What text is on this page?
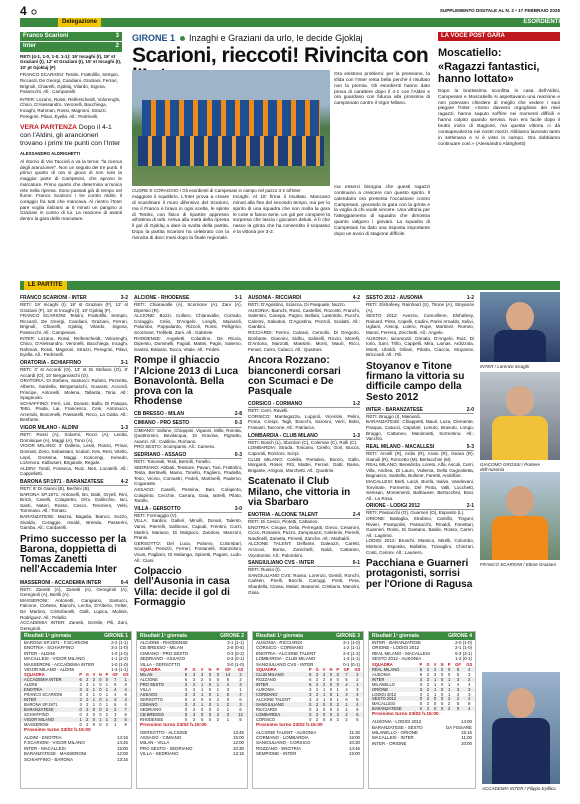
4	SUPPLEMENTO DIGITALE AL N. 2 • 17 FEBBRAIO 2025
Delegazione	ESORDIENTI
Franco Scarioni	3
Inter	2
RETI (4-1, 1-0, 1-0, 1-1): 19' Incaghi (I), 18' st Graziani (I), 12' st Graziani (I), 15' st Incaghi (I), 10' pt Gjoklaj (F)
FRANCO SCARIONI: Testini, Frattolillo, Sempio, Riccardi, De Georgi, Candiani, Graziani, Ferrari, Brignoli, Chiarelli, Gjoklaj, Vilardo, Sigona, Passecchi. All.: Campanelli.
INTER: Lozano, Rossi, Reiferscheidt, Volorenghi, Chico, D'Alessandro, Veronelli, Bacchiega, Incaghi, Rahman, Rossi, Magnoni, Strazzi, Peregrini, Pilavi, Eyella. All.: Pedrinelli.
VERA PARTENZA Dopo il 4-1 con l'Aldini, gli arancioneri trovano i primi tre punti con l'Inter
ALESSANDRO ALDRIGHETTI
Al ritorno di Via Taccioli a va la terna: "la ricerca degli arancioneri". Non un seguito dei tre punti. Il primo quarto di ora si gioca di non solo la maggior parte di Campesini, che aprono le marcature. Primo quarto che determina un'unica rete nella ripresa. Sono passati già di tempo nel fiume. Franco Scarioni: i tre contro Aldini, il coraggio fra tutti che mancava. Al rientro l'Inter pare voglia rialzarsi ai 5 minuti un parigino a Graziani in contro di lui. La reazione di avanti dentro la gara delle marcature.
GIRONE 1 Inzaghi e Graziani da urlo, le decide Gjoklaj
Scarioni, rieccoti! Rivincita con
CUORE E CORAGGIO / Gli esordienti di Campesani in campo nel pazzo 3-2 all'Inter
maggiore il equilibrio. L'Inter prova a creare di scardinare il muro difensivo del Scarioni, ma il Franco è bravo in ogni scelta, le spinte di Testini, con fisico di ripartire appresso all'ottima di tutti. Arriva alla metà della ripresa il gol di Gjoklaj a dare la svolta della partita. Dopo la partita Scarioni ha celebrato con la rivincita di dieci mesi dopo la finale regionale.
Incaghi. Al 18' firma il risultato. Mancano minuti alla fine del secondo tempo, ma per lo spirito di una squadra che non molla la gara le cose si fanno serie. Un gol per compiere la sorpresa che lascia i giocatori delusi, è lì che nasce la grinta che ha consentito il sorpasso e la vittoria per 3-2.
Ora esistono problemi: per la pressione, la sfida con l'Inter resta bella perché il risultato non la premia. Gli esordienti hanno dato prova di carattere dopo il 4-1 con l'Aldini e ora guardano con fiducia alla prossima di campionato contro il Vigor Milano.
ma esserci bisogna che questi ragazzi continuino a crescere con questo spirito. Il calendario ora presenta l'occasione contro Campesani, giocando la gara con la grinta e la voglia di chi vuole vincere. Una vittoria per l'atteggiamento di squadra che dimostra quanto valgono i giovani. La squadra di Campesani ha dato una risposta importante dopo un avvio di stagione difficile.
LA VOCE POST GARA
Moscatiello:
«Ragazzi fantastici, hanno lottato»
Dopo la bruttissima sconfitta in casa dell'Aldini, Campesani e Moscatiello si aspettavano una reazione e non potevano chiedere di meglio che vedere i suoi piegare l'Inter. «Sono davvero orgoglioso dei miei ragazzi, hanno saputo soffrire nei momenti difficili e hanno colpito quando serviva. Non era facile dopo il brutto inizio di stagione, ma questa vittoria ci dà consapevolezza nei nostri mezzi. Abbiamo lavorato tanto in settimana e si è visto in campo. Ora dobbiamo continuare così.» (Alessandro Aldrighetti)
LE PARTITE
FRANCO SCARIONI - INTER	3-2
RETI: 19' Incaghi (I), 18' st Graziani (F), 12' st Graziani (F), 15' st Incaghi (I), 10' Gjoklaj (F).
FRANCO SCARIONI: Testini, Frattolillo, Sempio, Riccardi, De Georgi, Candiani, Graziani, Ferrari, Brignoli, Chiarelli, Gjoklaj, Vilardo, Sigona, Passecchi. All.: Campesani.
INTER: Lozano, Rossi, Reiferscheidt, Volorenghi, Chico, D'Alessandro, Veronelli, Bacchiega, Incaghi, Rahman, Rossi, Magnoni, Strazzi, Peregrini, Pilavi, Eyella. All.: Pedrinelli.
ORATORIA - SCHIAFFINO	3-1
RETI: 3' st Accordi (O), 13' st Di Stefano (O), 8' Accardi (O), 10' Bergamaschi (O).
ORATORIA: Di Stefano, Santucci, Rubino, Pezzetta, Alberto, Sardella, Bergamaschi, Guarato, Accordi, Principe, Antonelli, Molena, Tallarita, Toria. All.: Spagnuolo.
SCHIAFFINO: Ferri, Lisi, Donato, Balla, Di Pasqua, Tetto, Prada, Lai, Francesco, Ceni, Antonucci, Arcendo, Bonomelli, Passarelli, Reco, La Gatta. All.: Benfante.
VIGOR MILANO - ALDINI	1-3
RETI: Rossi (A), Solarmi, Rocci (A), Leotta, Dominique (A), Maggi (A), Tonci (A).
VIGOR MILANO: 2' Dallera, Lessi, Rosso, Prinai, Donnati, Zeno, Sebastiani, Scalari, Kes, Resi, Vitello, Lepri, Grossina, Maggi, Koncengi, Kenedo, Lozenora. Kalbusert, Brigande, Regale.
ALDINI: Tondi, Fonseca, Ruiz, Neri, Locatelli. All.: Cappelletti.
BARONA SP.1971 - BARANZATESE	4-2
RETI: 8' Di Gianni (B), Bechini (B).
BARONA SP.1971: Antonelli, Bo, Batti, Gryell, Rini, Brizzi, Caselli, Colapietro, Orni, Gallicchio, Iaci, Santi, Nateri, Russo, Cesco, Tesoriero, Velsi, Tommaso. All.: Tomasi.
BARANZATESE: Mazza, Bagalia, Bianco, Sozzo, Sivaldo, Coraggio, Isnald, Breeda, Passerini, Gamba. All.: Cardarelli.
Primo successo per la Barona, doppietta di Tomas Zanetti nell'Accademia Inter
MASSERONI - ACCADEMIA INTER	0-4
RETI: Zanetti (A), Zanetti (A), Geregiroli (A), Geregiroli (A), Berilli (A).
MASSERONI: Antonetti, Cangiano, Santucci, Falcone, Cortese, Bianchi, Lecha, D'Alterio, Felter, De Martino, Cristofanelli, Galli, Lupica, Molinis, Rodriguez. All.: Pelullo.
ACCADEMIA INTER: Zanetti, Gentile, Pili, Zani, Geregiroli.
ALCIONE - RHODENSE	3-1
RETI: Chiaravalle (A), Scorrione (A), Zani (A), Dipersio (R).
ALCIONE: Bozzi, Cullaro, Chiaravalle, Corrado, Coraggio, Celio, D'Angelo, Longhi, Mainardi, Palumbo, Pappalardo, Rizzoli, Rossi, Pelligrino, Scorrione, Trefiletti, Zani. All.: Gabriele.
RHODENSE: Angeletti, Colantino, De Riccia, Dipersio, Dominelli, Fagioli, Mattei, Pagin, Salerno, Santini, Bisiasio, Tacca, Vitale. All.: Federi.
Rompe il ghiaccio l'Alcione 2013 di Luca Bonavolontà. Bella prova con la Rhodense
CB BRESSO - MILAN	2-8
CIMIANO - PRO SESTO	0-3
CIMIANO: Vallone, Chioppini, Vigaoni, Millo, Romita, Quattromini, Bevilacqua, Di Gravina, Pignatto, Avanzi. All.: Caldiniu, Romano.
PRO SESTO: Scomparini. All.: Camera.
SEDRIANO - ASSAGO	0-3
RETI: Tosoratti, Testi, Bertolli, Tonello.
SEDRIANO: Abbiati, Tessiore, Pavan, Tosi, Frattolini, Testa, Bertinelli, Maino, Tonello, Pagliero, Pradella, Toso, Vicino, Comastri, Fedeli, Martinelli, Paderno, Cogaraste.
ASSAGO: Caselli, Pessina, Bari, Colapinto, Colapinto, Cecchin, Carrara, Gaia, Iatrelli, Pilato, Tarallo.
VILLA - GERSOTTO	3-0
RETI: Formaggio (V).
VILLA: Sardini, Galleri, Minolli, Donati, Talento, Vanni, Pierrelli, Sallinoux, Capodi, Frentini, Curzi, Martini, Mariano, Di Molgioco, Zandoni, Manzoni, Pranni.
GERSOTTO: Del Luca, Palomo, Colombari, Scarselli, Perazzi, Ferrari, Fontanelli, Stanzoloni, Vicas, Pagliaro, Di Malanga, Spinetti, Pagani, Ludo. All.: Ciani.
Colpaccio dell'Ausonia in casa Villa: decide il gol di Formaggio
AUSONIA - RICCIARDI	4-2
RETI: D'Agostino, Sciacca, Di Pasquale, Nuzzo.
AUSONIA: Bianchi, Rosti, Castellini, Roccetti, Franchi, Salentini, Canepa, Pagno, Bellani, Laterdolo, Pucchi, Calonni, Salvatori, D'Agostino, Pezzoli, Scalatti. All.: Gianbini.
RICCIARDI: Ferrini, Calvani, Cernollo, Di Gregorio, Bonfante, Giannini, Sidhu, Salinelli, Riccio, Morelli, D'Antona, Marzotti, Massimi, Monti, Mauri, Ricci, Fenari, Carro, Calacci. All.: Quatrani.
Ancora Rozzano: bianconerdi corsari con Scumaci e De Pasquale
CORSICO - CORMANO	1-2
RETI: Cerri, Ravelli.
CORSICO: Mantegazza, Luppoli, Vicentini, Pelini, Poma, Crespi, Tagli, Bracchi, Saronni, Verri, Bolsi, Frasanti, Taccone. All.: Patriarca.
LOMBARDIA - CLUB MILANO	1-3
RETI: Bosch (L), Sbordon (C), Coleman (C), Rolli (C).
LOMBARDIA: Strada, Toscano, Cirello, Gori, Bucca, Caporali, Ronzoni, Scirpi.
CLUB MILANO: Colella, Pantaleo, Bonzo, Gallo, Morganti, Roser, Fitti, Mattei, Ferrari, Gatti, Raina, Brigante, Arrigoni, Marchetti. All.: Quattrini.
Scatenato il Club Milano, che vittoria in via Sbarbaro
ENOTRIA - ALCIONE TALENT	2-4
RETI: Di Cesco, Piotetti, Cattaneo.
ENOTRIA: Cinque, Delia, Perregatti, Greco, Cesaroni, Cicco, Rosanini, Puzzo, Zampinazzi, Celebrini, Pierelli, Nardinelli, Zanetta, Prinetti, Zanche. All.: Marbaldi.
ALCIONE TALENT: Delfante, Galeazzi, Caretti, Arcicovi, Borsa, Zanichelli, Naldi, Cattaneo, Vicedomini. All.: Palombini.
SANGIULIANO CVS - INTER	0-1
RETI: Russo (I).
SANGIULIANO CVS: Russo, Lorenzo, Gentili, Ronchi, Carlsen, Pirelli, Bocchi, Caroggi, Ponti, Pera, Sbardella, Cirasu, Malari, Beatonni, Cristiano, Manzini, Gioia.
SESTO 2012 - AUSONIA	1-2
RETI: Elshafeey, Rainhard (S), Titone (A), Stoyanov (A).
SESTO 2012: Avezzo, Cancelliere, Elshafeey, Rainard, Pinto, Capelli, Cadini, Parini Arnaldo, Solivi, Ugliani, Anscip, Loiero, Rupe, Martinez, Romeo, Manni, Ferrera, Zecchetti. All.: Angelo.
AUSONIA: Iacomozzi, Donato, D'Angelo, Ruiz, Di Iorio, Sani, Trillo, Cappelli, Mira, Lamas, Ardizzola, Monti, Uboldi, Giliani, Pilotta, Ciaccio, Stoyanov, Briccardi. All.: Pili.
Stoyanov e Titone firmano la vittoria su difficile campo della Sesto 2012
INTER - BARANZATESE	2-0
RETI: Bruggo (I), Mainardi.
BARANZATESE: Chiappetti, Mauri, Loza, Clemente, Pasqua, Catucci, Capolari, Lenuto, Bravuto, Longo, Bruggo, Cattaneo, Maninnetti, Sorrentino. All.: Vacchio.
REAL MILANO - MACALLESI	5-3
RETI: Arcelli (R), Ardis (R), Arato (R), Geara (R), Gianoli (R), Roncetto (M), Bertacchini (M).
REAL MILANO: Benedicta, Loreto, Alfa, Ascoli, Cerri, Villa, Andrea, Di Lauro, Vullema, Della Gugnolietta, Bagnasco, Saritella, Bullone, Fanetti, Andolfari.
MACALLESI: Berti, Lanzi, Bonfa, Isalvo, Vandevani, Torvinate, Formento, Del Pinta, Valli, Lucchetti, Semsan, Montenerdi, Balhauser, Bertocchini, Bosi. All.: La Rosa.
ORIONE - LODIGI 2012	2-1
RETI: Passacchi (O), Guarneri (O), Esposito (L).
ORIONE: Battaglia, Strafano, Camillo, Tinguni, Rivieri, Prampolini, Passacchi, Rinaldi, Fanettari, Guarneri, Rossi, Di Gaetano, Basile, Rosso, Careri. All.: Lagrimo.
LODIGI 2012: Bruschi, Marsico, Mirelli, Colombo, Morison, Esposito, Ballabio, Travaglini, Chinzari, Costi, Cerioni. All.: Lauriero.
Pacchiana e Guarneri protagonisti, sorrisi per l'Orione di Ragusa
INTER / Lorenzo Incaghi
GIACOMO GROSSI / Portiere dell'Ausonia
FRANCO SCARIONI / Ettore Graziani
ACCADEMIA INTER / Filippo Eyillica
Risultati 1ª giornata	GIRONE 1
BARONA SP.1971 - F.SCARIONI	2-2 (1-1)
ENOTRIA - SCHIAFFINO	3-2 (1-0)
INTER - ALDINI	1-0 (1-0)
MACALLESI - VIGOR MILANO	1-1 (2-2)
MASSERONI - ACCADEMIA INTER	1-0 (1-0)
VIGOR MILANO - ALDINI	1-3 (1-1)
SQUADRA	P	G	V	N	P	GF	GS
ACCADEMIA INTER	6	2	2	0	0	7	1
ALDINI	3	2	1	0	1	5	3
ENOTRIA	3	2	1	0	1	4	4
FRANCO SCARIONI	3	2	1	0	1	4	6
INTER	3	2	1	0	1	3	3
BARONA SP.1971	3	2	1	0	1	6	4
BARANZATESE	0	2	0	0	2	2	7
SCHIAFFINO	0	2	0	0	2	3	6
VIGOR MILANO	1	2	0	1	1	3	5
MASSERONI	0	2	0	0	2	1	8
Prossimo turno 23/02 h.15:00
ALDINI - ENOTRIA	14:15
F.SCARIONI - VIGOR MILANO	14:45
INTER - MACALLESI	15:00
BARANZATESE - MASSERONI	12:00
SCHIAFFINO - BARONA	13:15
Risultati 1ª giornata	GIRONE 2
ALCIONE - RHODENSE	3-1 (1-1)
CB BRESSO - MILAN	2-8 (0-5)
CIMIANO - PRO SESTO	0-3 (0-2)
SEDRIANO - ASSAGO	0-3 (0-1)
VILLA - GERSOTTO	3-0 (1-0)
SQUADRA	P	G	V	N	P	GF	GS
MILAN	6	2	2	0	0	14	2
ALCIONE	6	2	2	0	0	6	2
PRO SESTO	3	2	1	0	1	4	3
VILLA	3	2	1	0	1	3	1
ASSAGO	3	2	1	0	1	5	4
GERSOTTO	0	2	0	0	2	0	6
CIMIANO	3	2	1	0	1	2	3
SEDRIANO	0	2	0	0	2	1	6
CB BRESSO	0	2	0	0	2	3	12
RHODENSE	0	2	0	0	2	1	5
Prossimo turno 23/02 h.15:00
GERSOTTO - ALCIONE	13:45
ASSAGO - CIMIANO	15:00
MILAN - VILLA	12:00
PRO SESTO - SEDRIANO	10:30
VILLA - SEDRIANO	13:15
Risultati 1ª giornata	GIRONE 3
AUSONIA - RICCIARDI	3-1 (1-0)
CORSICO - CORMANO	1-2 (1-1)
ENOTRIA - ALCIONE TALENT	2-4 (1-2)
LOMBARDIA - CLUB MILANO	1-3 (1-1)
SANGIULIANO CVS - INTER	0-1 (0-1)
SQUADRA	P	G	V	N	P	GF	GS
CLUB MILANO	6	2	2	0	0	7	2
ROZZANO	6	2	2	0	0	5	2
INTER	6	2	2	0	0	4	1
AUSONIA	3	2	1	0	1	4	3
CORMANO	3	2	1	0	1	3	4
ALCIONE TALENT	3	2	1	0	1	6	5
SANGIULIANO	0	2	0	0	2	1	4
RICCIARDI	0	2	0	0	2	2	6
LOMBARDIA	0	2	0	0	2	2	6
CORSICO	0	2	0	0	2	2	5
Prossimo turno 23/02 h.15:00
ALCIONE TALENT - AUSONIA	11:30
CORMANO - LOMBARDIA	15:00
SANGIULIANO - CORSICO	10:30
ROZZANO - ENOTRIA	14:45
SEMPIONE - INTER	15:00
Risultati 1ª giornata	GIRONE 4
INTER - BARANZATESE	2-0 (1-0)
ORIONE - LODIGI 2012	2-1 (1-0)
REAL MILANO - MACALLESI	5-3 (3-1)
SESTO 2012 - AUSONIA	1-2 (0-1)
SQUADRA	P	G	V	N	P	GF	GS
REAL MILANO	6	2	2	0	0	8	4
AUSONIA	6	2	2	0	0	5	2
INTER	3	2	1	0	1	3	2
MILANELLO	3	2	1	0	1	4	4
ORIONE	3	2	1	0	1	3	3
LODIGI 2012	3	2	1	0	1	4	3
SESTO 2012	0	2	0	0	2	2	4
MACALLESI	0	2	0	0	2	5	8
BARANZATESE	0	2	0	0	2	0	4
Prossimo turno 23/02 h.15:00
AUSONIA - LODIGI 2012	14:00
BARANZATESE - SESTO	DA FISSARE
MILANELLO - ORIONE	15:15
MACALLESI - INTER	11:00
INTER - ORIONE	10:00
